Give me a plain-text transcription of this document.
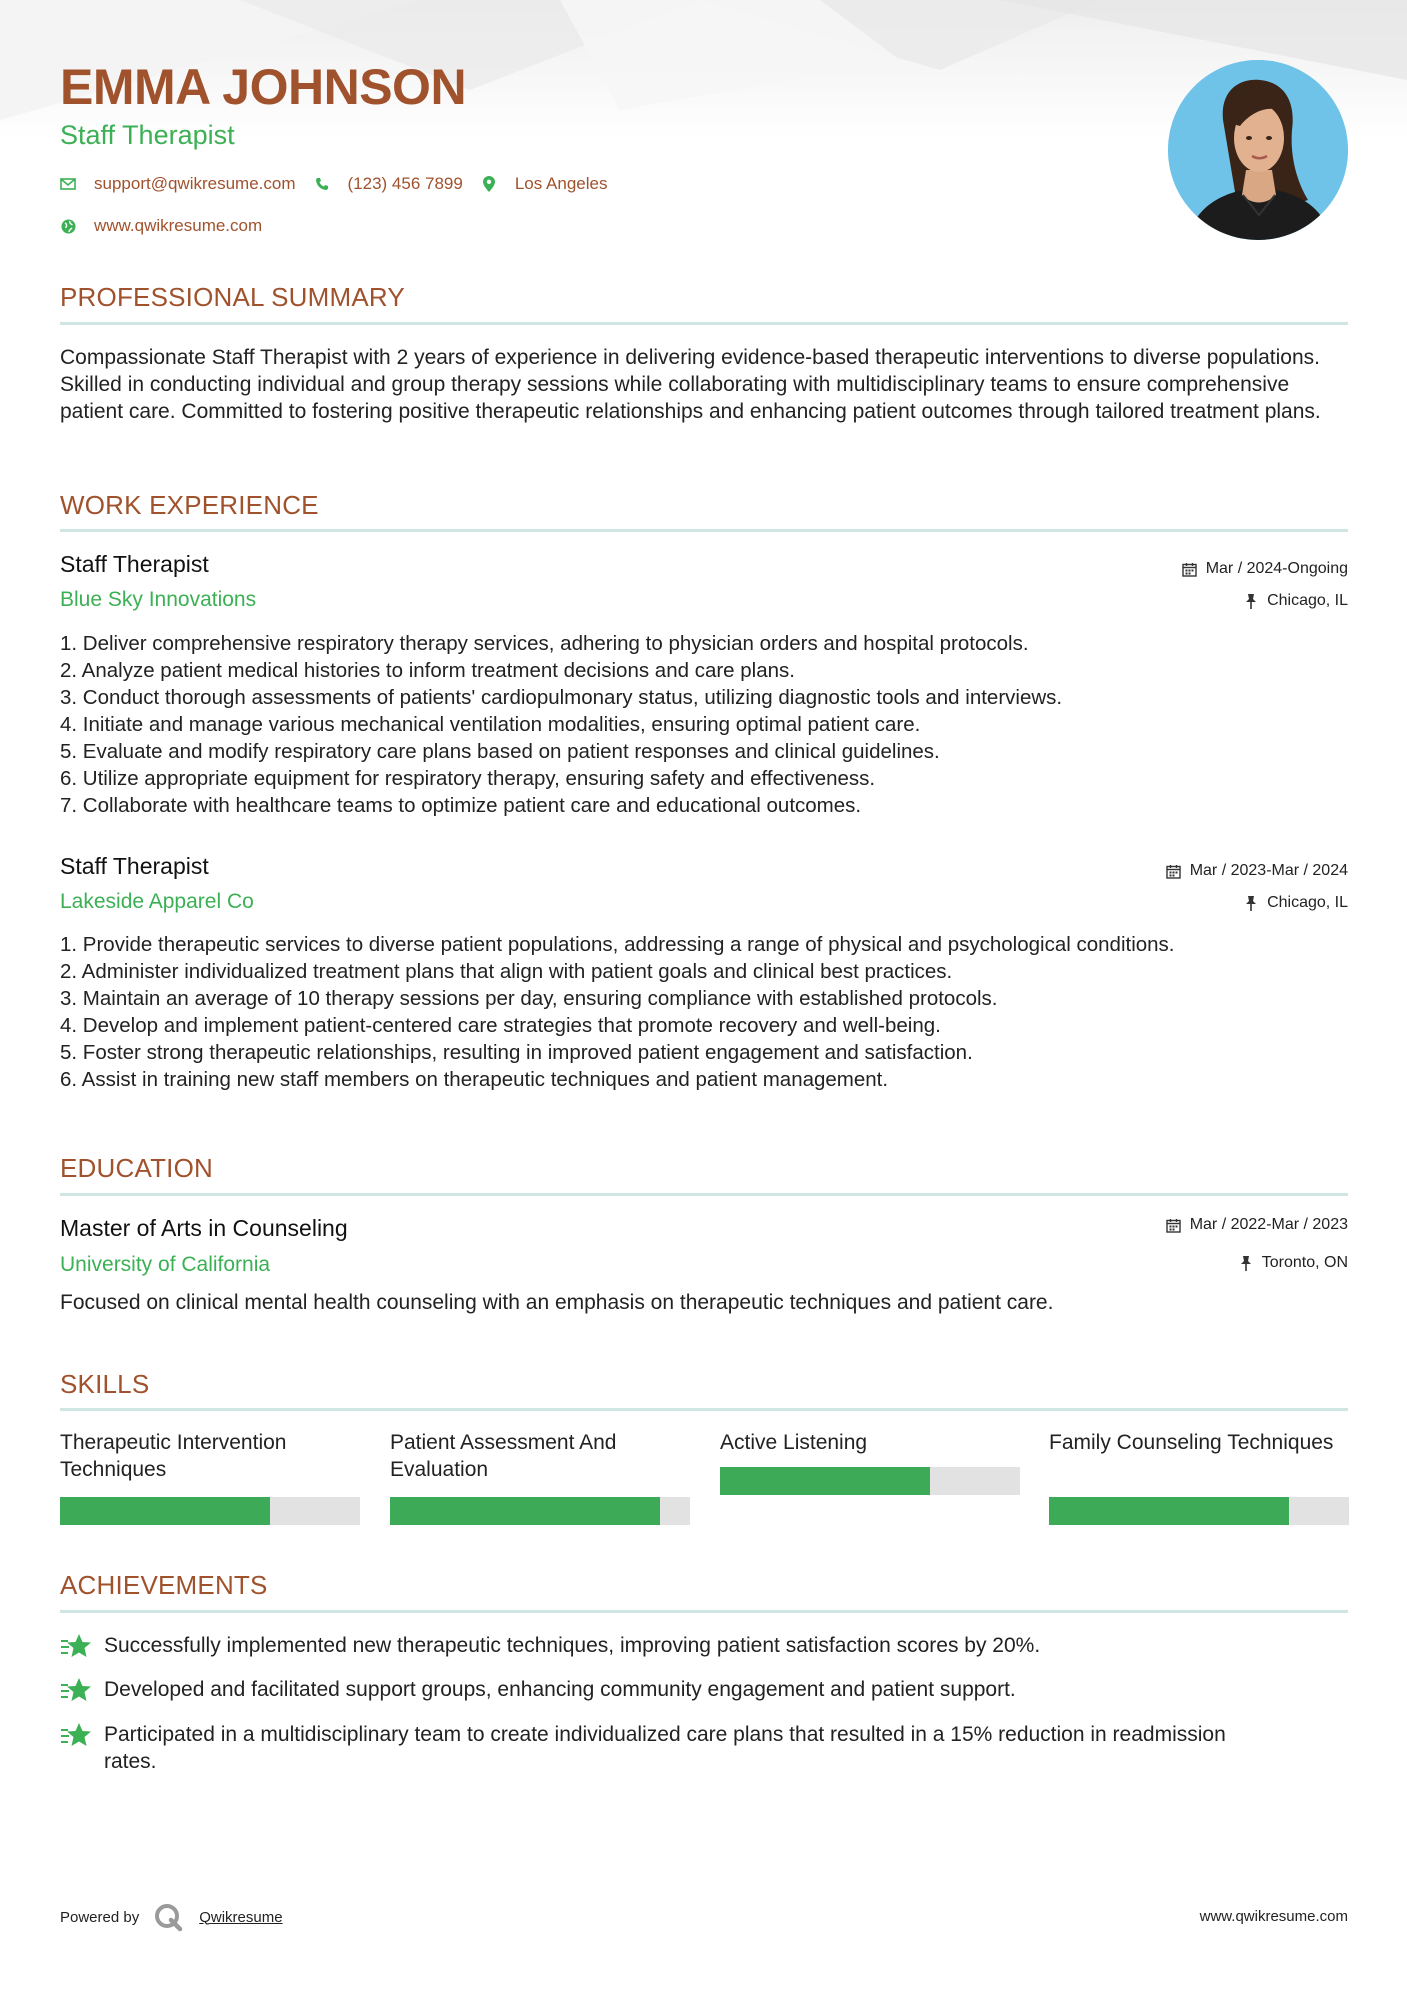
EMMA JOHNSON
Staff Therapist
support@qwikresume.com	(123) 456 7899	Los Angeles
www.qwikresume.com
PROFESSIONAL SUMMARY
Compassionate Staff Therapist with 2 years of experience in delivering evidence-based therapeutic interventions to diverse populations. Skilled in conducting individual and group therapy sessions while collaborating with multidisciplinary teams to ensure comprehensive patient care. Committed to fostering positive therapeutic relationships and enhancing patient outcomes through tailored treatment plans.
WORK EXPERIENCE
Staff Therapist	Mar / 2024-Ongoing
Blue Sky Innovations	Chicago, IL
1. Deliver comprehensive respiratory therapy services, adhering to physician orders and hospital protocols.
2. Analyze patient medical histories to inform treatment decisions and care plans.
3. Conduct thorough assessments of patients' cardiopulmonary status, utilizing diagnostic tools and interviews.
4. Initiate and manage various mechanical ventilation modalities, ensuring optimal patient care.
5. Evaluate and modify respiratory care plans based on patient responses and clinical guidelines.
6. Utilize appropriate equipment for respiratory therapy, ensuring safety and effectiveness.
7. Collaborate with healthcare teams to optimize patient care and educational outcomes.
Staff Therapist	Mar / 2023-Mar / 2024
Lakeside Apparel Co	Chicago, IL
1. Provide therapeutic services to diverse patient populations, addressing a range of physical and psychological conditions.
2. Administer individualized treatment plans that align with patient goals and clinical best practices.
3. Maintain an average of 10 therapy sessions per day, ensuring compliance with established protocols.
4. Develop and implement patient-centered care strategies that promote recovery and well-being.
5. Foster strong therapeutic relationships, resulting in improved patient engagement and satisfaction.
6. Assist in training new staff members on therapeutic techniques and patient management.
EDUCATION
Master of Arts in Counseling	Mar / 2022-Mar / 2023
University of California	Toronto, ON
Focused on clinical mental health counseling with an emphasis on therapeutic techniques and patient care.
SKILLS
Therapeutic Intervention Techniques
Patient Assessment And Evaluation
Active Listening	Family Counseling Techniques
ACHIEVEMENTS
Successfully implemented new therapeutic techniques, improving patient satisfaction scores by 20%.
Developed and facilitated support groups, enhancing community engagement and patient support.
Participated in a multidisciplinary team to create individualized care plans that resulted in a 15% reduction in readmission rates.
Powered by	Qwikresume	www.qwikresume.com
